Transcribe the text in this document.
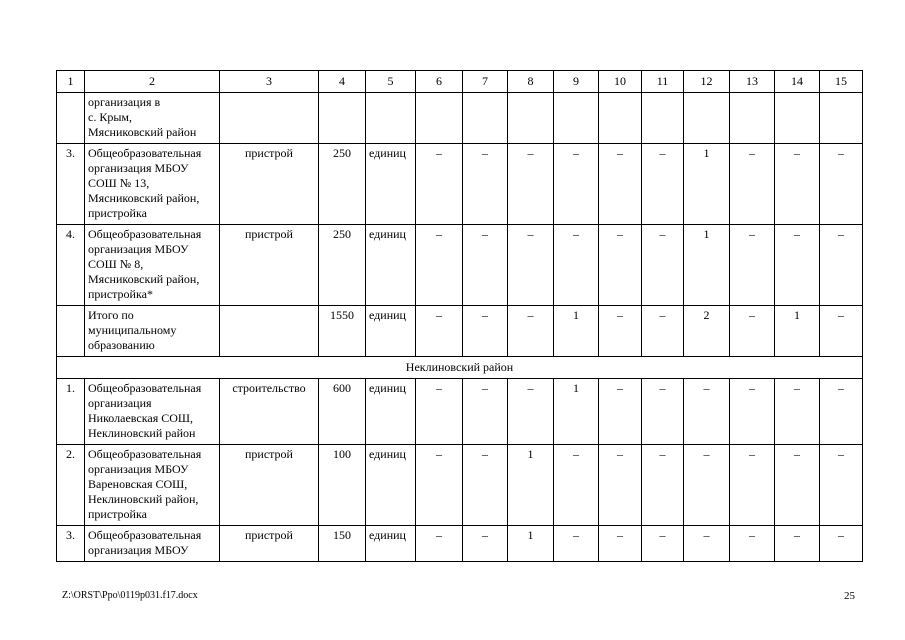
1	2	3	4	5	6	7	8	9	10	11	12	13	14	15

	организация в
с. Крым,
Мясниковский район													

3.	Общеобразовательная
организация МБОУ
СОШ № 13,
Мясниковский район,
пристройка	пристрой	250	единиц	–	–	–	–	–	–	1	–	–	–
4.	Общеобразовательная
организация МБОУ
СОШ № 8,
Мясниковский район,
пристройка*	пристрой	250	единиц	–	–	–	–	–	–	1	–	–	–

	Итого по
муниципальному
образованию		1550	единиц	–	–	–	1	–	–	2	–	1	–
Неклиновский район														
1.	Общеобразовательная
организация
Николаевская СОШ,
Неклиновский район	строительство	600	единиц	–	–	–	1	–	–	–	–	–	–
2.	Общеобразовательная
организация МБОУ
Вареновская СОШ,
Неклиновский район,
пристройка	пристрой	100	единиц	–	–	1	–	–	–	–	–	–	–
3.	Общеобразовательная
организация МБОУ	пристрой	150	единиц	–	–	1	–	–	–	–	–	–	–
Z:\ORST\Ppo\0119p031.f17.docx	25
